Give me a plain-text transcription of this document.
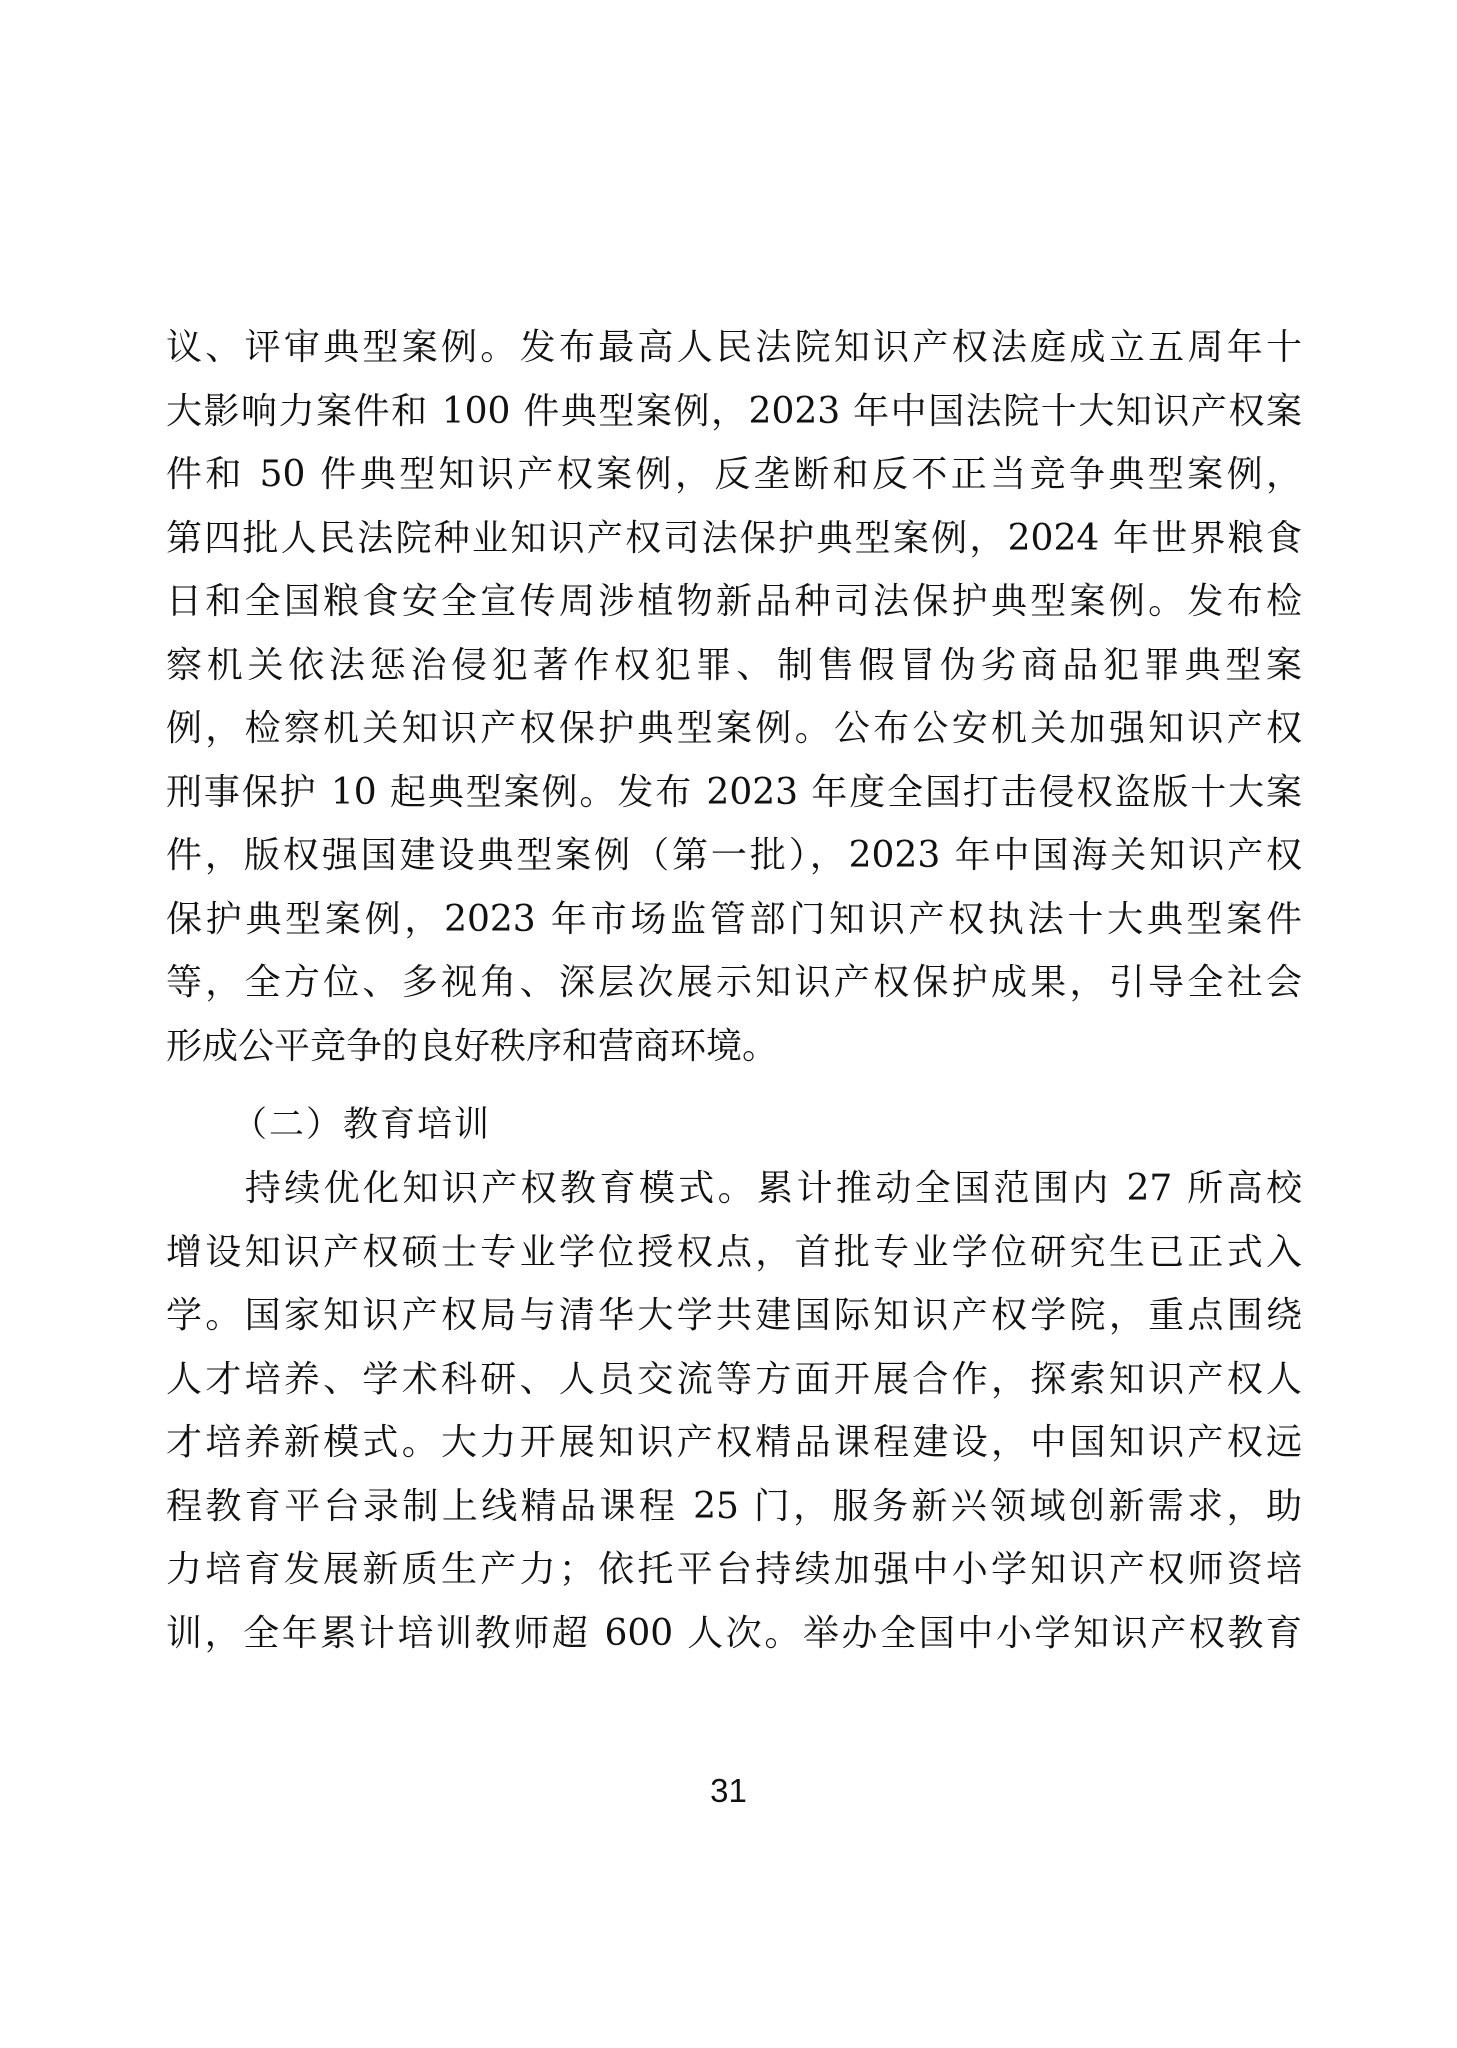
议、评审典型案例。发布最高人民法院知识产权法庭成立五周年十
大影响力案件和 100 件典型案例，2023 年中国法院十大知识产权案
件和 50 件典型知识产权案例，反垄断和反不正当竞争典型案例，
第四批人民法院种业知识产权司法保护典型案例，2024 年世界粮食
日和全国粮食安全宣传周涉植物新品种司法保护典型案例。发布检
察机关依法惩治侵犯著作权犯罪、制售假冒伪劣商品犯罪典型案
例，检察机关知识产权保护典型案例。公布公安机关加强知识产权
刑事保护 10 起典型案例。发布 2023 年度全国打击侵权盗版十大案
件，版权强国建设典型案例（第一批），2023 年中国海关知识产权
保护典型案例，2023 年市场监管部门知识产权执法十大典型案件
等，全方位、多视角、深层次展示知识产权保护成果，引导全社会
形成公平竞争的良好秩序和营商环境。
（二）教育培训
　　持续优化知识产权教育模式。累计推动全国范围内 27 所高校
增设知识产权硕士专业学位授权点，首批专业学位研究生已正式入
学。国家知识产权局与清华大学共建国际知识产权学院，重点围绕
人才培养、学术科研、人员交流等方面开展合作，探索知识产权人
才培养新模式。大力开展知识产权精品课程建设，中国知识产权远
程教育平台录制上线精品课程 25 门，服务新兴领域创新需求，助
力培育发展新质生产力；依托平台持续加强中小学知识产权师资培
训，全年累计培训教师超 600 人次。举办全国中小学知识产权教育
31
